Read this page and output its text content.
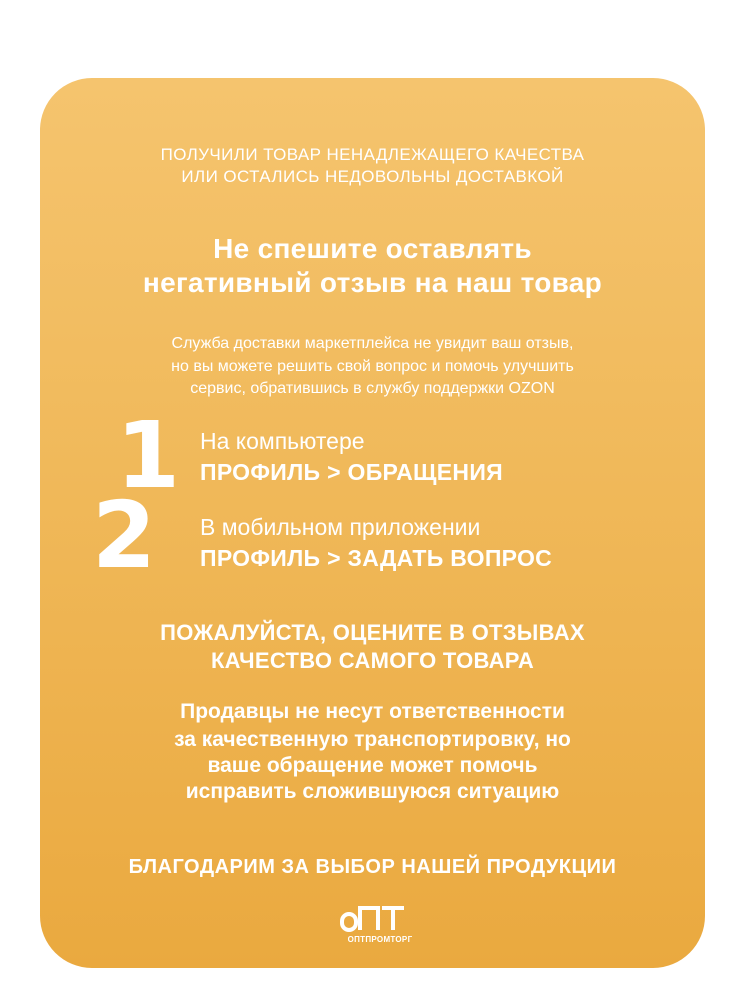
ПОЛУЧИЛИ ТОВАР НЕНАДЛЕЖАЩЕГО КАЧЕСТВА
ИЛИ ОСТАЛИСЬ НЕДОВОЛЬНЫ ДОСТАВКОЙ
Не спешите оставлять
негативный отзыв на наш товар
Служба доставки маркетплейса не увидит ваш отзыв,
но вы можете решить свой вопрос и помочь улучшить
сервис, обратившись в службу поддержки OZON
1 На компьютере
ПРОФИЛЬ > ОБРАЩЕНИЯ
2 В мобильном приложении
ПРОФИЛЬ > ЗАДАТЬ ВОПРОС
ПОЖАЛУЙСТА, ОЦЕНИТЕ В ОТЗЫВАХ
КАЧЕСТВО САМОГО ТОВАРА
Продавцы не несут ответственности
за качественную транспортировку, но
ваше обращение может помочь
исправить сложившуюся ситуацию
БЛАГОДАРИМ ЗА ВЫБОР НАШЕЙ ПРОДУКЦИИ
ОПТПРОМТОРГ
